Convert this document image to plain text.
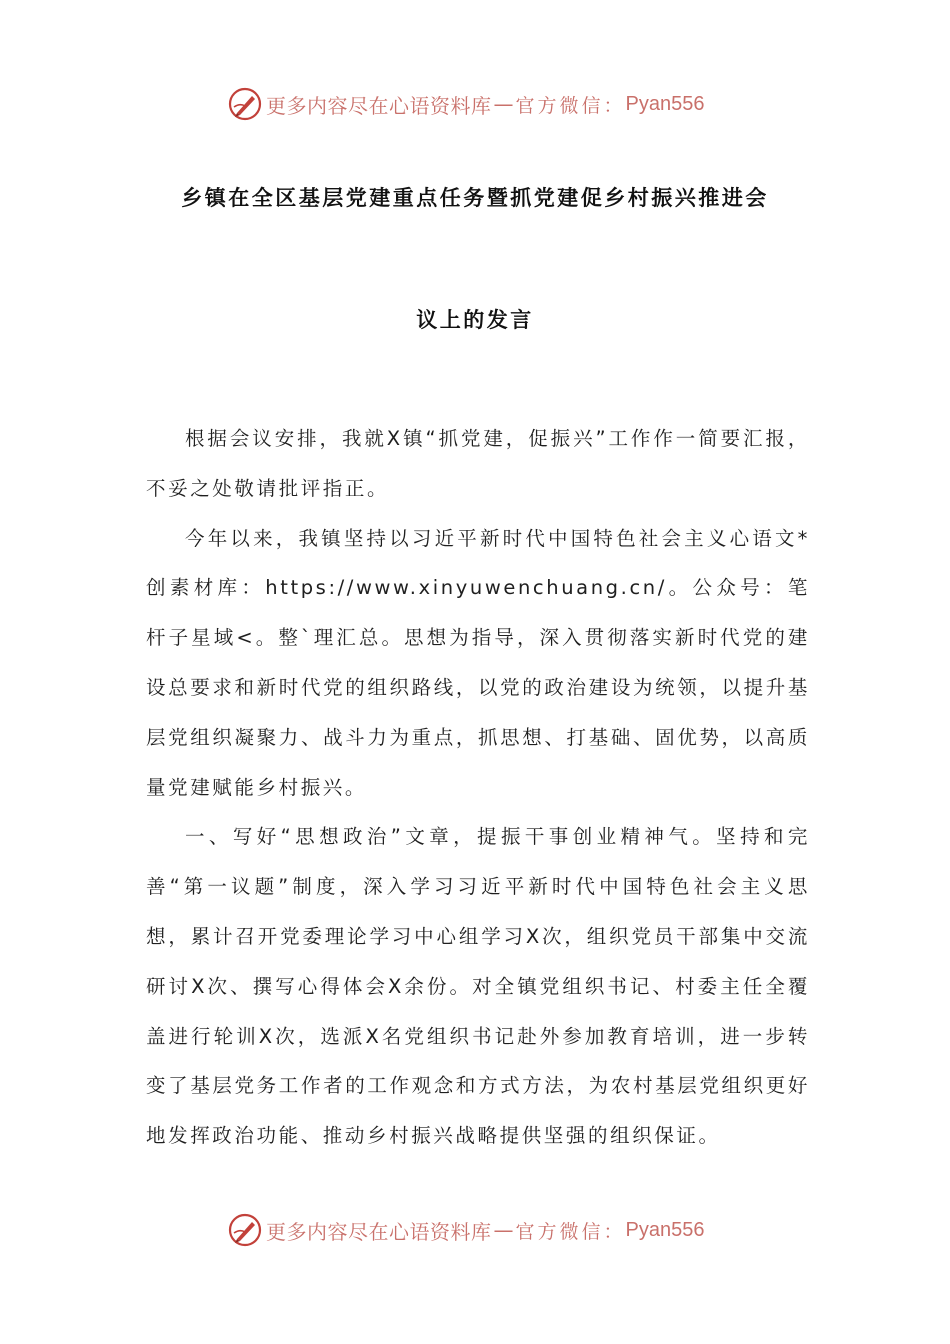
更多内容尽在心语资料库 — 官方微信： Pyan556
乡镇在全区基层党建重点任务暨抓党建促乡村振兴推进会
议上的发言

根据会议安排，我就X镇“抓党建，促振兴”工作作一简要汇报，不妥之处敬请批评指正。

今年以来，我镇坚持以习近平新时代中国特色社会主义心语文*创素材库：https://www.xinyuwenchuang.cn/。公众号：笔杆子星域<。整`理汇总。思想为指导，深入贯彻落实新时代党的建设总要求和新时代党的组织路线，以党的政治建设为统领，以提升基层党组织凝聚力、战斗力为重点，抓思想、打基础、固优势，以高质量党建赋能乡村振兴。

一、写好“思想政治”文章，提振干事创业精神气。坚持和完善“第一议题”制度，深入学习习近平新时代中国特色社会主义思想，累计召开党委理论学习中心组学习X次，组织党员干部集中交流研讨X次、撰写心得体会X余份。对全镇党组织书记、村委主任全覆盖进行轮训X次，选派X名党组织书记赴外参加教育培训，进一步转变了基层党务工作者的工作观念和方式方法，为农村基层党组织更好地发挥政治功能、推动乡村振兴战略提供坚强的组织保证。

更多内容尽在心语资料库 — 官方微信： Pyan556
